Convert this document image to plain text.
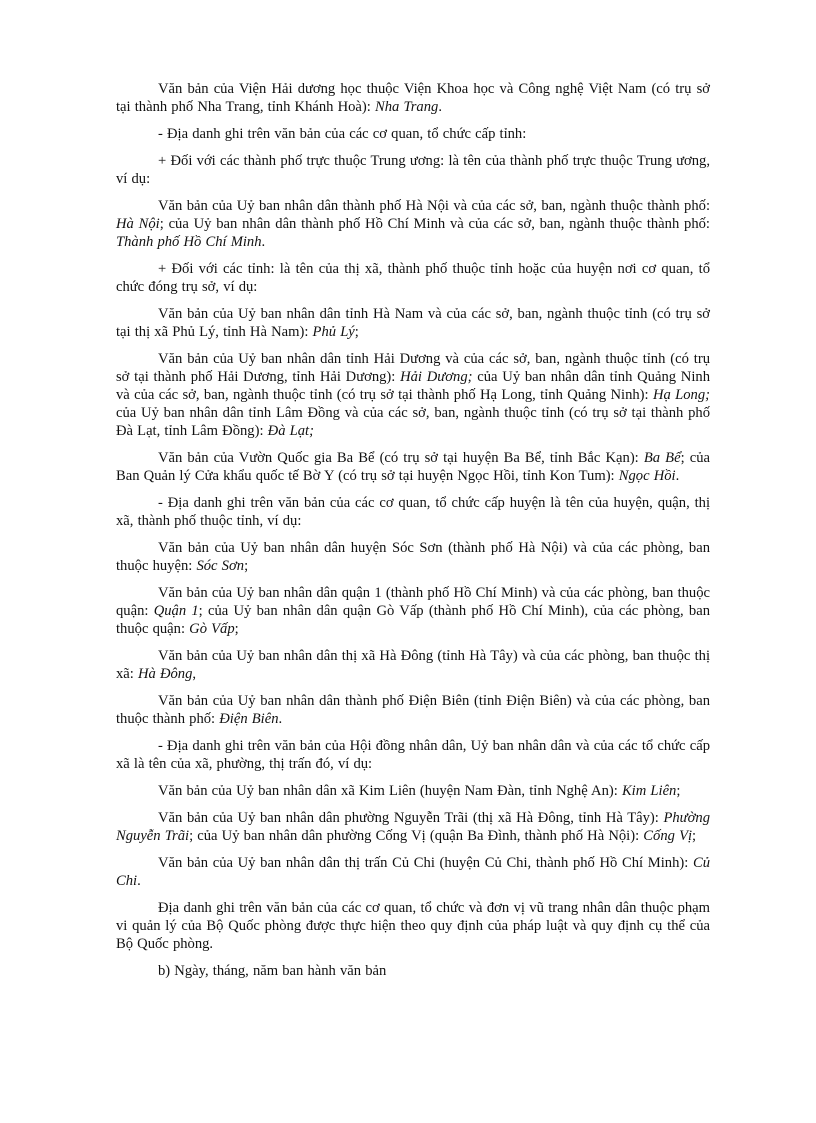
Văn bản của Viện Hải dương học thuộc Viện Khoa học và Công nghệ Việt Nam (có trụ sở tại thành phố Nha Trang, tỉnh Khánh Hoà): Nha Trang.

- Địa danh ghi trên văn bản của các cơ quan, tổ chức cấp tỉnh:

+ Đối với các thành phố trực thuộc Trung ương: là tên của thành phố trực thuộc Trung ương, ví dụ:

Văn bản của Uỷ ban nhân dân thành phố Hà Nội và của các sở, ban, ngành thuộc thành phố: Hà Nội; của Uỷ ban nhân dân thành phố Hồ Chí Minh và của các sở, ban, ngành thuộc thành phố: Thành phố Hồ Chí Minh.

+ Đối với các tỉnh: là tên của thị xã, thành phố thuộc tỉnh hoặc của huyện nơi cơ quan, tổ chức đóng trụ sở, ví dụ:

Văn bản của Uỷ ban nhân dân tỉnh Hà Nam và của các sở, ban, ngành thuộc tỉnh (có trụ sở tại thị xã Phủ Lý, tỉnh Hà Nam): Phủ Lý;

Văn bản của Uỷ ban nhân dân tỉnh Hải Dương và của các sở, ban, ngành thuộc tỉnh (có trụ sở tại thành phố Hải Dương, tỉnh Hải Dương): Hải Dương; của Uỷ ban nhân dân tỉnh Quảng Ninh và của các sở, ban, ngành thuộc tỉnh (có trụ sở tại thành phố Hạ Long, tỉnh Quảng Ninh): Hạ Long; của Uỷ ban nhân dân tỉnh Lâm Đồng và của các sở, ban, ngành thuộc tỉnh (có trụ sở tại thành phố Đà Lạt, tỉnh Lâm Đồng): Đà Lạt;

Văn bản của Vườn Quốc gia Ba Bể (có trụ sở tại huyện Ba Bể, tỉnh Bắc Kạn): Ba Bể; của Ban Quản lý Cửa khẩu quốc tế Bờ Y (có trụ sở tại huyện Ngọc Hồi, tỉnh Kon Tum): Ngọc Hồi.

- Địa danh ghi trên văn bản của các cơ quan, tổ chức cấp huyện là tên của huyện, quận, thị xã, thành phố thuộc tỉnh, ví dụ:

Văn bản của Uỷ ban nhân dân huyện Sóc Sơn (thành phố Hà Nội) và của các phòng, ban thuộc huyện: Sóc Sơn;

Văn bản của Uỷ ban nhân dân quận 1 (thành phố Hồ Chí Minh) và của các phòng, ban thuộc quận: Quận 1; của Uỷ ban nhân dân quận Gò Vấp (thành phố Hồ Chí Minh), của các phòng, ban thuộc quận: Gò Vấp;

Văn bản của Uỷ ban nhân dân thị xã Hà Đông (tỉnh Hà Tây) và của các phòng, ban thuộc thị xã: Hà Đông,

Văn bản của Uỷ ban nhân dân thành phố Điện Biên (tỉnh Điện Biên) và của các phòng, ban thuộc thành phố: Điện Biên.

- Địa danh ghi trên văn bản của Hội đồng nhân dân, Uỷ ban nhân dân và của các tổ chức cấp xã là tên của xã, phường, thị trấn đó, ví dụ:

Văn bản của Uỷ ban nhân dân xã Kim Liên (huyện Nam Đàn, tỉnh Nghệ An): Kim Liên;

Văn bản của Uỷ ban nhân dân phường Nguyễn Trãi (thị xã Hà Đông, tỉnh Hà Tây): Phường Nguyễn Trãi; của Uỷ ban nhân dân phường Cống Vị (quận Ba Đình, thành phố Hà Nội): Cống Vị;

Văn bản của Uỷ ban nhân dân thị trấn Củ Chi (huyện Củ Chi, thành phố Hồ Chí Minh): Củ Chi.

Địa danh ghi trên văn bản của các cơ quan, tổ chức và đơn vị vũ trang nhân dân thuộc phạm vi quản lý của Bộ Quốc phòng được thực hiện theo quy định của pháp luật và quy định cụ thể của Bộ Quốc phòng.

b) Ngày, tháng, năm ban hành văn bản
